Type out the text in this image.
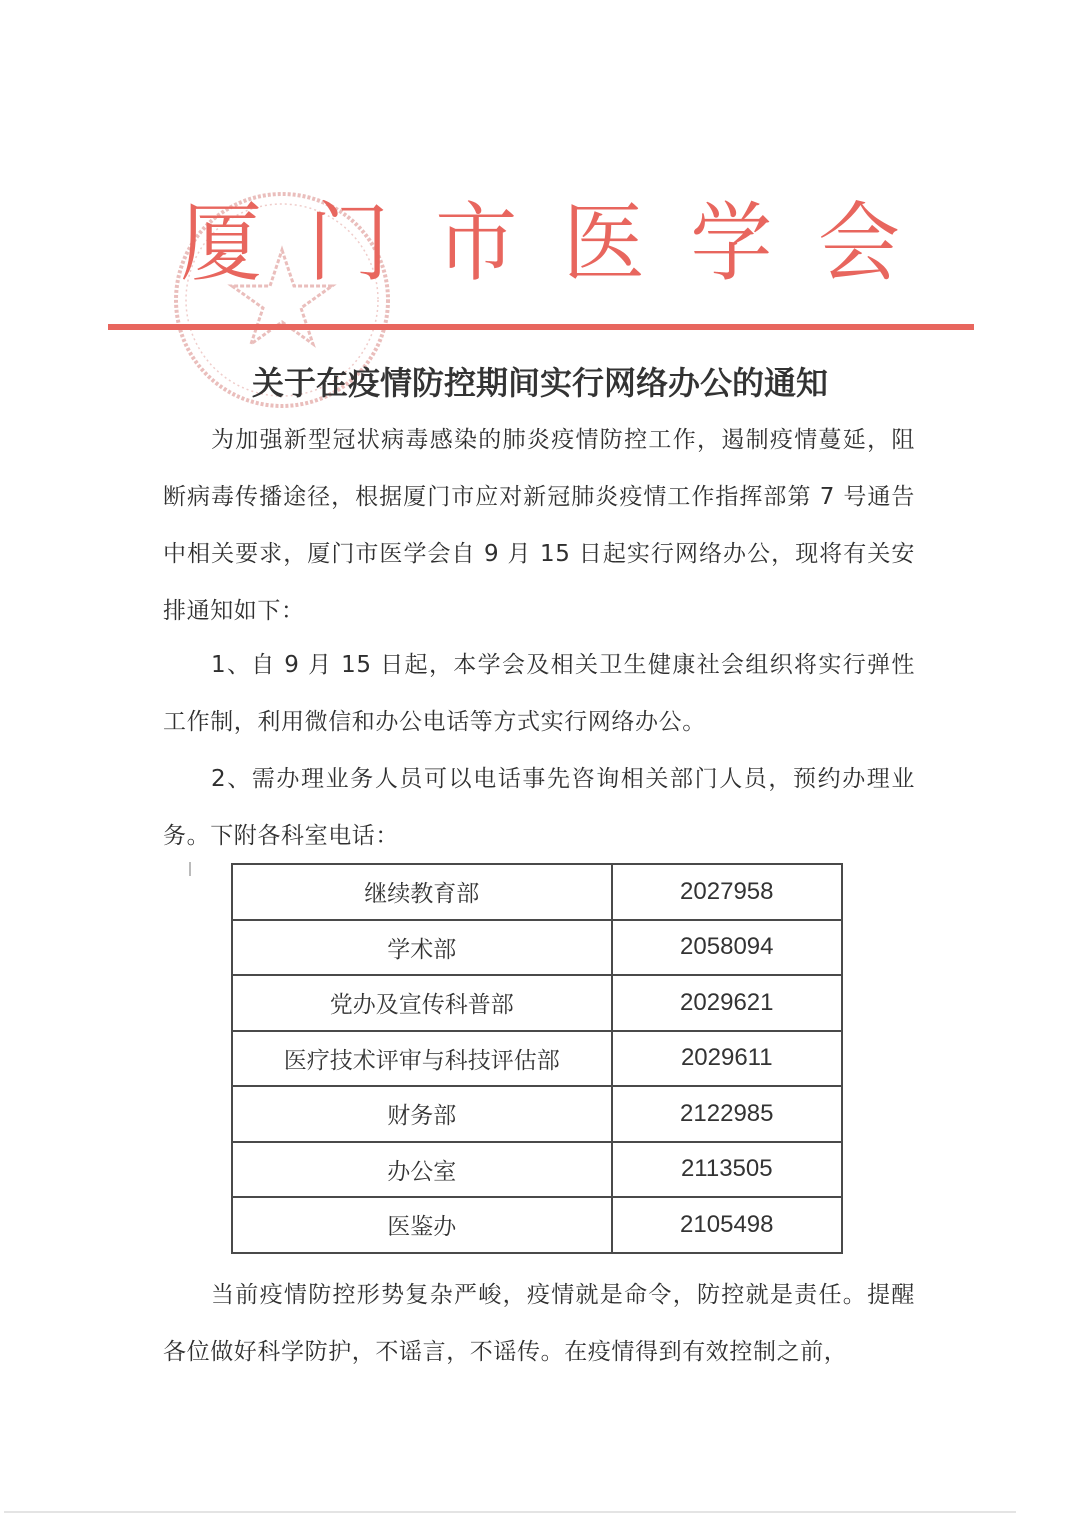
厦 门 市 医 学 会
关于在疫情防控期间实行网络办公的通知
为加强新型冠状病毒感染的肺炎疫情防控工作，遏制疫情蔓延，阻断病毒传播途径，根据厦门市应对新冠肺炎疫情工作指挥部第 7 号通告中相关要求，厦门市医学会自 9 月 15 日起实行网络办公，现将有关安排通知如下：
1、自 9 月 15 日起，本学会及相关卫生健康社会组织将实行弹性工作制，利用微信和办公电话等方式实行网络办公。
2、需办理业务人员可以电话事先咨询相关部门人员，预约办理业务。下附各科室电话：
继续教育部	2027958
学术部	2058094
党办及宣传科普部	2029621
医疗技术评审与科技评估部	2029611
财务部	2122985
办公室	2113505
医鉴办	2105498
当前疫情防控形势复杂严峻，疫情就是命令，防控就是责任。提醒各位做好科学防护，不谣言，不谣传。在疫情得到有效控制之前，
